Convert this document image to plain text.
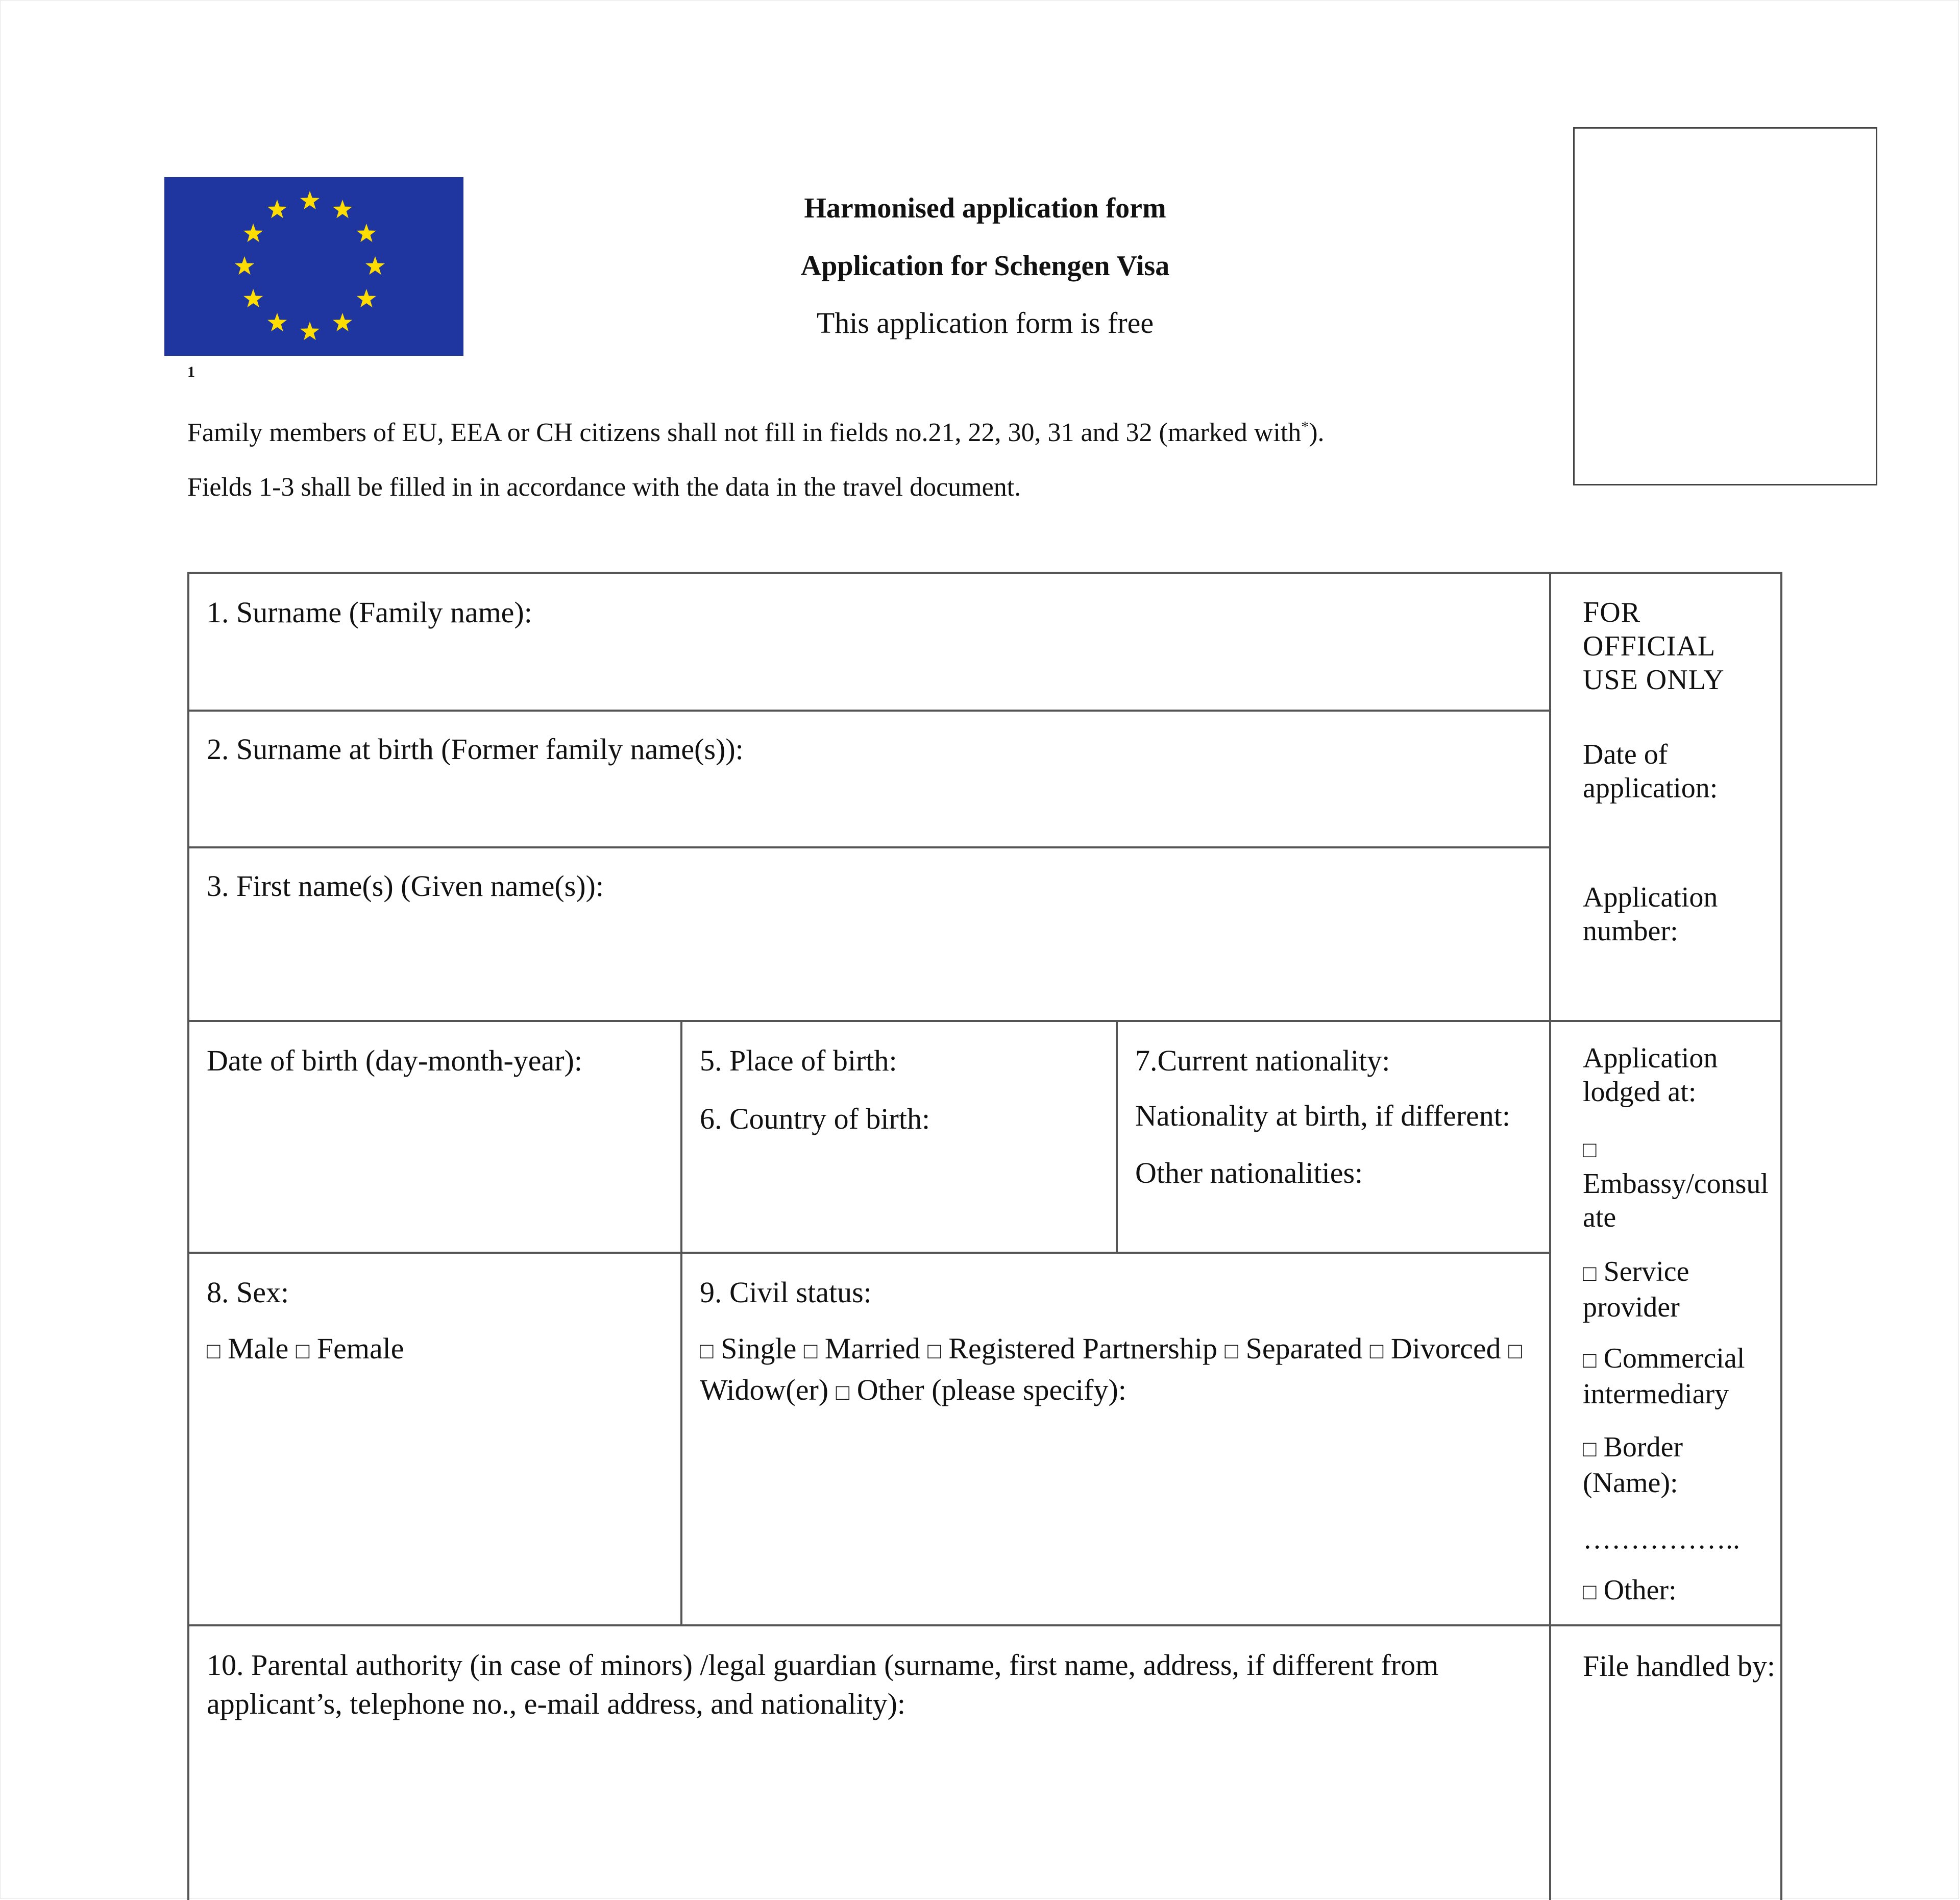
1
Harmonised application form
Application for Schengen Visa
This application form is free
Family members of EU, EEA or CH citizens shall not fill in fields no.21, 22, 30, 31 and 32 (marked with*).
Fields 1-3 shall be filled in in accordance with the data in the travel document.

1. Surname (Family name):

2. Surname at birth (Former family name(s)):

3. First name(s) (Given name(s)):

Date of birth (day-month-year):	5. Place of birth:

6. Country of birth:

7.Current nationality:

Nationality at birth, if different:

Other nationalities:

8. Sex:

□ Male □ Female

9. Civil status:

□ Single □ Married □ Registered Partnership □ Separated □ Divorced □ Widow(er) □ Other (please specify):

10. Parental authority (in case of minors) /legal guardian (surname, first name, address, if different from applicant’s, telephone no., e-mail address, and nationality):

FOR OFFICIAL
USE ONLY
Date of application:
Application number:
Application lodged at:
□
Embassy/consulate
□ Service provider
□ Commercial intermediary
□ Border (Name):
……………..
□ Other:
File handled by:
